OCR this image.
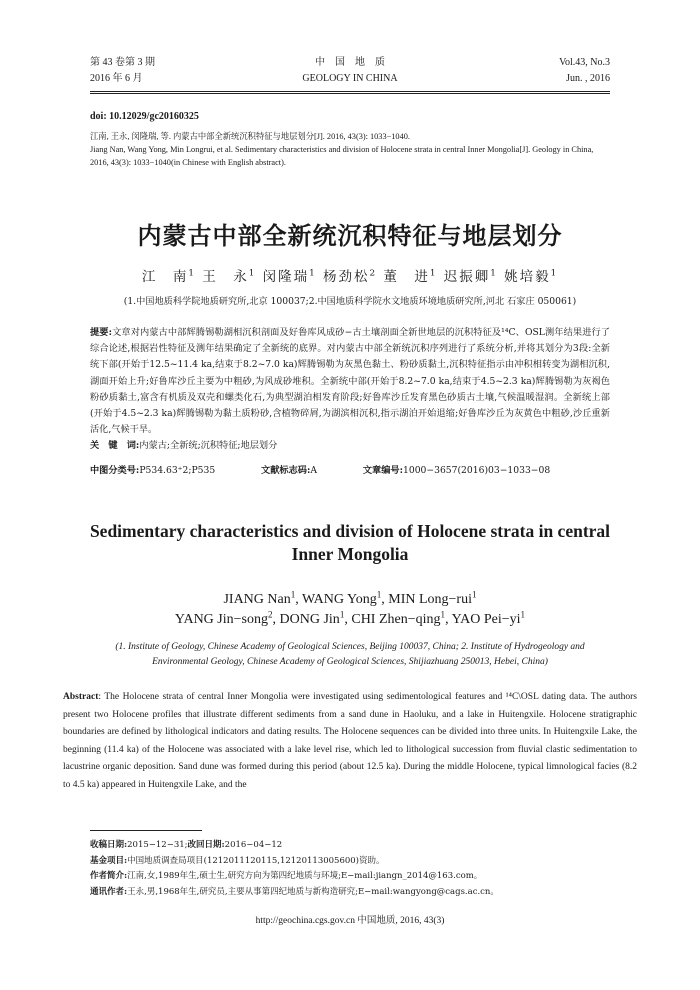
第 43 卷第 3 期
2016 年 6 月
中　国　地　质
GEOLOGY IN CHINA
Vol.43, No.3
Jun. , 2016
doi: 10.12029/gc20160325

江南, 王永, 闵隆瑞, 等. 内蒙古中部全新统沉积特征与地层划分[J]. 2016, 43(3): 1033−1040.

Jiang Nan, Wang Yong, Min Longrui, et al. Sedimentary characteristics and division of Holocene strata in central Inner Mongolia[J]. Geology in China, 2016, 43(3): 1033−1040(in Chinese with English abstract).

内蒙古中部全新统沉积特征与地层划分
江　南$^1$ 王　永$^1$ 闵隆瑞$^1$ 杨劲松$^2$ 董　进$^1$ 迟振卿$^1$ 姚培毅$^1$
(1.中国地质科学院地质研究所,北京 100037;2.中国地质科学院水文地质环境地质研究所,河北 石家庄 050061)

提要:文章对内蒙古中部辉腾锡勒湖相沉积剖面及好鲁库风成砂−古土壤剖面全新世地层的沉积特征及¹⁴C、OSL测年结果进行了综合论述,根据岩性特征及测年结果确定了全新统的底界。对内蒙古中部全新统沉积序列进行了系统分析,并将其划分为3段:全新统下部(开始于12.5~11.4 ka,结束于8.2~7.0 ka)辉腾锡勒为灰黑色黏土、粉砂质黏土,沉积特征指示由冲积相转变为湖相沉积,湖面开始上升;好鲁库沙丘主要为中粗砂,为风成砂堆积。全新统中部(开始于8.2~7.0 ka,结束于4.5~2.3 ka)辉腾锡勒为灰褐色粉砂质黏土,富含有机质及双壳和螺类化石,为典型湖泊相发育阶段;好鲁库沙丘发育黑色砂质古土壤,气候温暖湿润。全新统上部(开始于4.5~2.3 ka)辉腾锡勒为黏土质粉砂,含植物碎屑,为湖滨相沉积,指示湖泊开始退缩;好鲁库沙丘为灰黄色中粗砂,沙丘重新活化,气候干旱。

关　键　词:内蒙古;全新统;沉积特征;地层划分

中图分类号:P534.63⁺2;P535	文献标志码:A	文章编号:1000−3657(2016)03−1033−08
Sedimentary characteristics and division of Holocene strata in central Inner Mongolia
JIANG Nan$^1$, WANG Yong$^1$, MIN Long−rui$^1$
YANG Jin−song$^2$, DONG Jin$^1$, CHI Zhen−qing$^1$, YAO $Pei-yi^1$
(1. Institute of Geology, Chinese Academy of Geological Sciences, Beijing 100037, China; 2. Institute of Hydrogeology and Environmental Geology, Chinese Academy of Geological Sciences, Shijiazhuang 250013, Hebei, China)

Abstract: The Holocene strata of central Inner Mongolia were investigated using sedimentological features and ¹⁴C\OSL dating data. The authors present two Holocene profiles that illustrate different sediments from a sand dune in Haoluku, and a lake in Huitengxile. Holocene stratigraphic boundaries are defined by lithological indicators and dating results. The Holocene sequences can be divided into three units. In Huitengxile Lake, the beginning (11.4 ka) of the Holocene was associated with a lake level rise, which led to lithological succession from fluvial clastic sedimentation to lacustrine organic deposition. Sand dune was formed during this period (about 12.5 ka). During the middle Holocene, typical limnological facies (8.2 to 4.5 ka) appeared in Huitengxile Lake, and the

收稿日期:2015−12−31;改回日期:2016−04−12

基金项目:中国地质调查局项目(1212011120115,12120113005600)资助。

作者简介:江南,女,1989年生,硕士生,研究方向为第四纪地质与环境;E−mail:jiangn_2014@163.com。

通讯作者:王永,男,1968年生,研究员,主要从事第四纪地质与新构造研究;E−mail:wangyong@cags.ac.cn。

http://geochina.cgs.gov.cn 中国地质, 2016, 43(3)
